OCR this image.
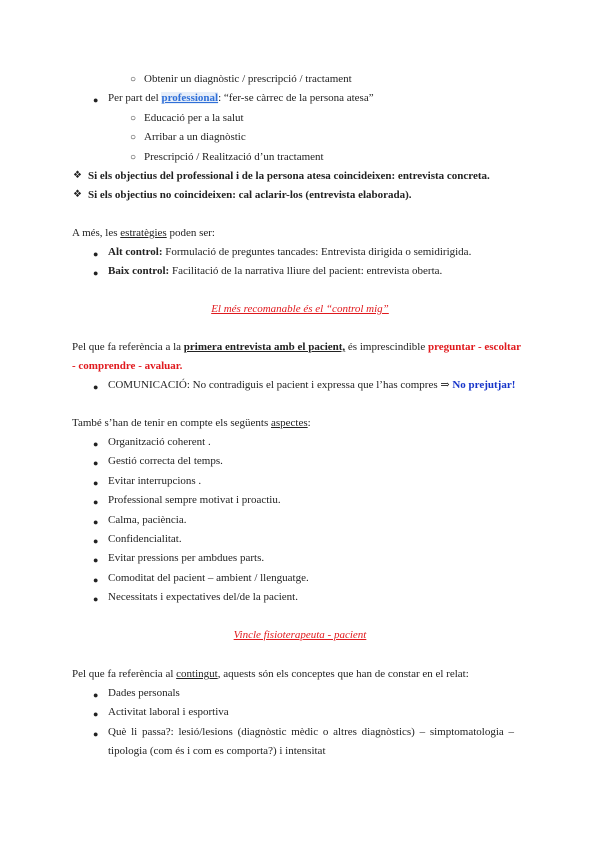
○ Obtenir un diagnòstic / prescripció / tractament
● Per part del professional: “fer-se càrrec de la persona atesa”
○ Educació per a la salut
○ Arribar a un diagnòstic
○ Prescripció / Realització d’un tractament
❖ Si els objectius del professional i de la persona atesa coincideixen: entrevista concreta.
❖ Si els objectius no coincideixen: cal aclarir-los (entrevista elaborada).
A més, les estratègies poden ser:
● Alt control: Formulació de preguntes tancades: Entrevista dirigida o semidirigida.
● Baix control: Facilitació de la narrativa lliure del pacient: entrevista oberta.
El més recomanable és el “control mig”
Pel que fa referència a la primera entrevista amb el pacient, és imprescindible preguntar - escoltar
- comprendre - avaluar.
● COMUNICACIÓ: No contradiguis el pacient i expressa que l’has compres ⇒ No prejutjar!
També s’han de tenir en compte els següents aspectes:
● Organització coherent .
● Gestió correcta del temps.
● Evitar interrupcions .
● Professional sempre motivat i proactiu.
● Calma, paciència.
● Confidencialitat.
● Evitar pressions per ambdues parts.
● Comoditat del pacient – ambient / llenguatge.
● Necessitats i expectatives del/de la pacient.
Vincle fisioterapeuta - pacient
Pel que fa referència al contingut, aquests són els conceptes que han de constar en el relat:
● Dades personals
● Activitat laboral i esportiva
● Què li passa?: lesió/lesions (diagnòstic mèdic o altres diagnòstics) – simptomatologia –
tipologia (com és i com es comporta?) i intensitat
